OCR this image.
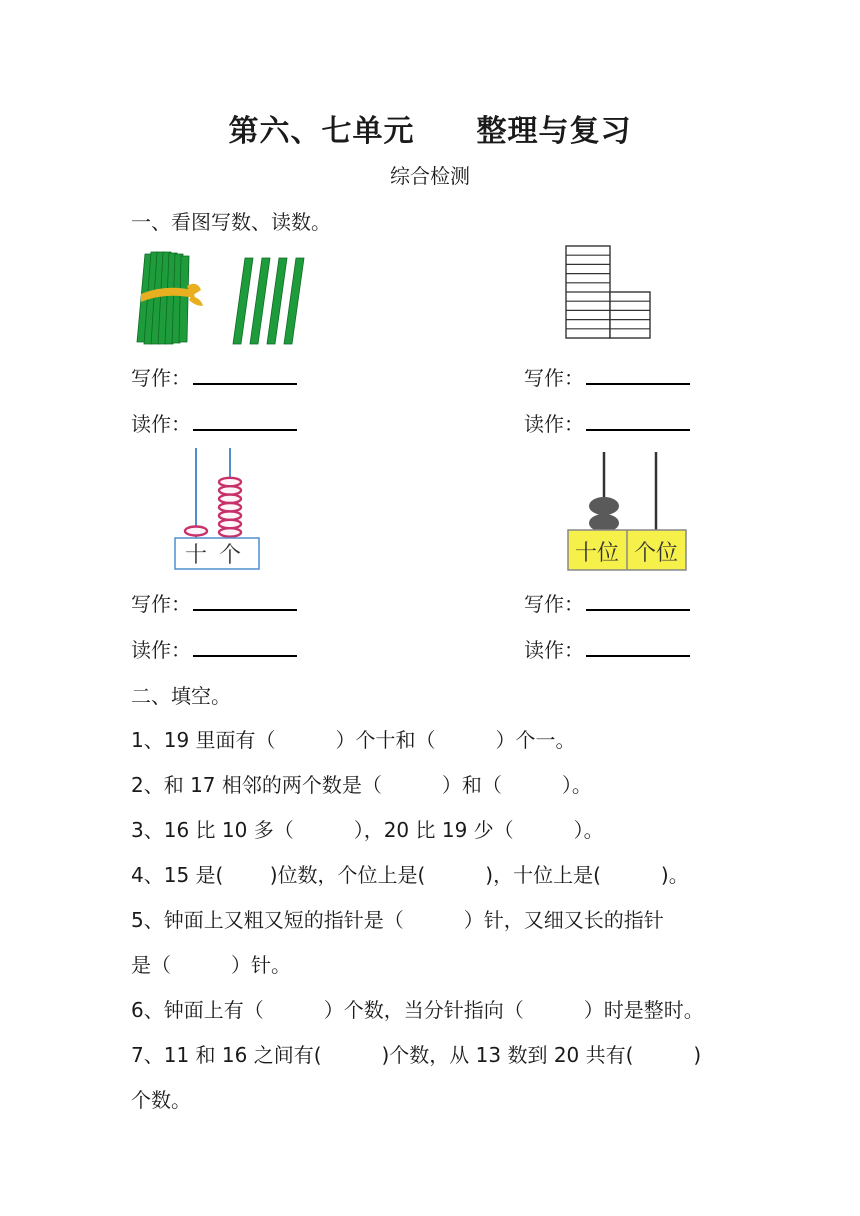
第六、七单元　　整理与复习
综合检测
一、看图写数、读数。
写作：	写作：
读作：	读作：
十 个	十位 个位
写作：	写作：
读作：	读作：
二、填空。
1、19 里面有（　　　）个十和（　　　）个一。
2、和 17 相邻的两个数是（　　　）和（　　　）。
3、16 比 10 多（　　　），20 比 19 少（　　　）。
4、15 是(　　 )位数，个位上是(　　　)，十位上是(　　　)。
5、钟面上又粗又短的指针是（　　　）针，又细又长的指针
是（　　　）针。
6、钟面上有（　　　）个数，当分针指向（　　　）时是整时。
7、11 和 16 之间有(　　　)个数，从 13 数到 20 共有(　　　)
个数。
